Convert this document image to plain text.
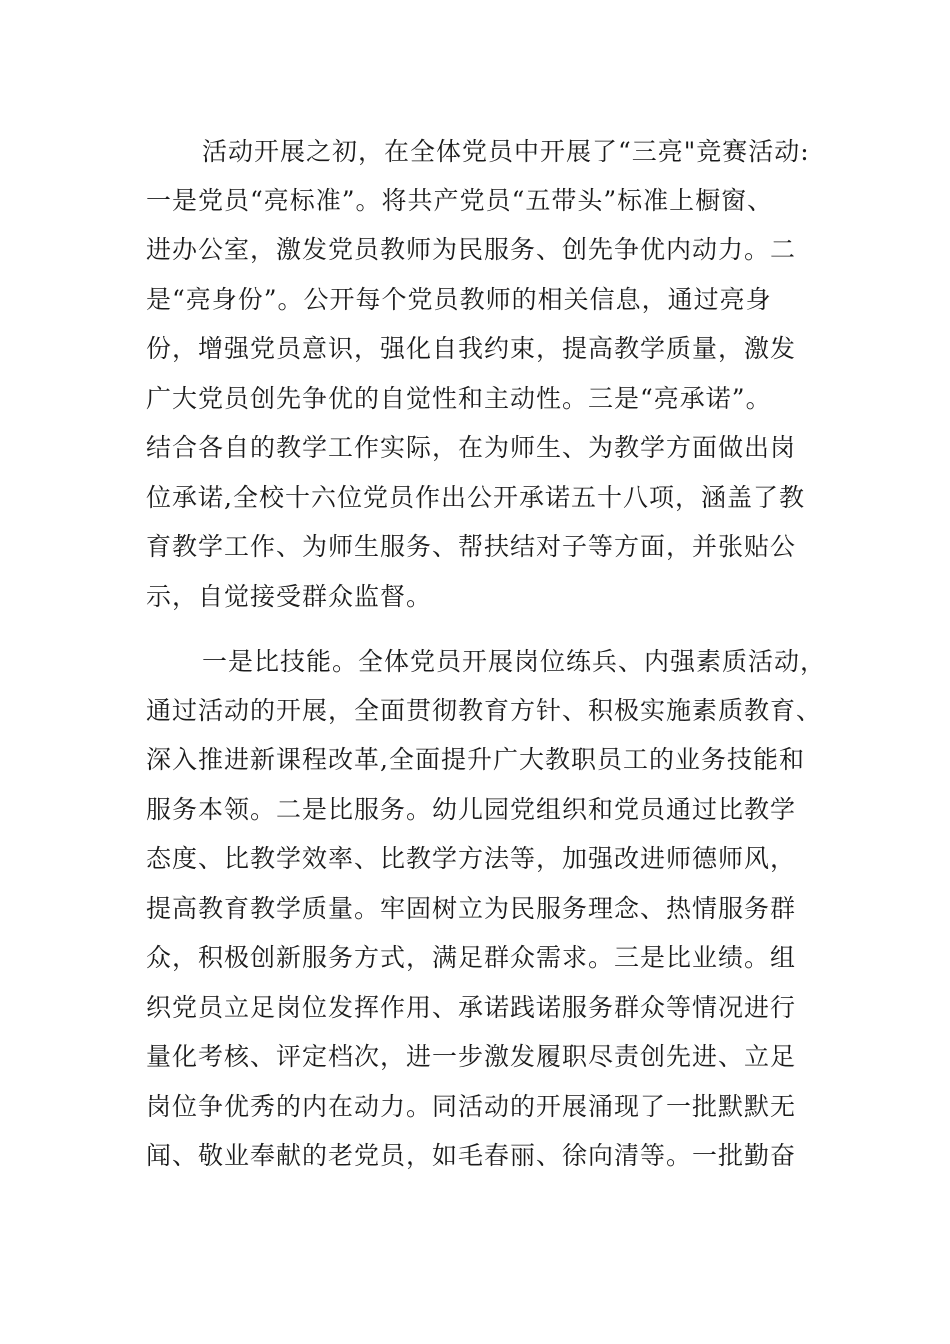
活动开展之初，在全体党员中开展了“三亮"竞赛活动:
一是党员“亮标准”。将共产党员“五带头”标准上橱窗、
进办公室，激发党员教师为民服务、创先争优内动力。二
是“亮身份”。公开每个党员教师的相关信息，通过亮身
份，增强党员意识，强化自我约束，提高教学质量，激发
广大党员创先争优的自觉性和主动性。三是“亮承诺”。
结合各自的教学工作实际，在为师生、为教学方面做出岗
位承诺,全校十六位党员作出公开承诺五十八项，涵盖了教
育教学工作、为师生服务、帮扶结对子等方面，并张贴公
示，自觉接受群众监督。
一是比技能。全体党员开展岗位练兵、内强素质活动，
通过活动的开展，全面贯彻教育方针、积极实施素质教育、
深入推进新课程改革,全面提升广大教职员工的业务技能和
服务本领。二是比服务。幼儿园党组织和党员通过比教学
态度、比教学效率、比教学方法等，加强改进师德师风，
提高教育教学质量。牢固树立为民服务理念、热情服务群
众，积极创新服务方式，满足群众需求。三是比业绩。组
织党员立足岗位发挥作用、承诺践诺服务群众等情况进行
量化考核、评定档次，进一步激发履职尽责创先进、立足
岗位争优秀的内在动力。同活动的开展涌现了一批默默无
闻、敬业奉献的老党员，如毛春丽、徐向清等。一批勤奋
